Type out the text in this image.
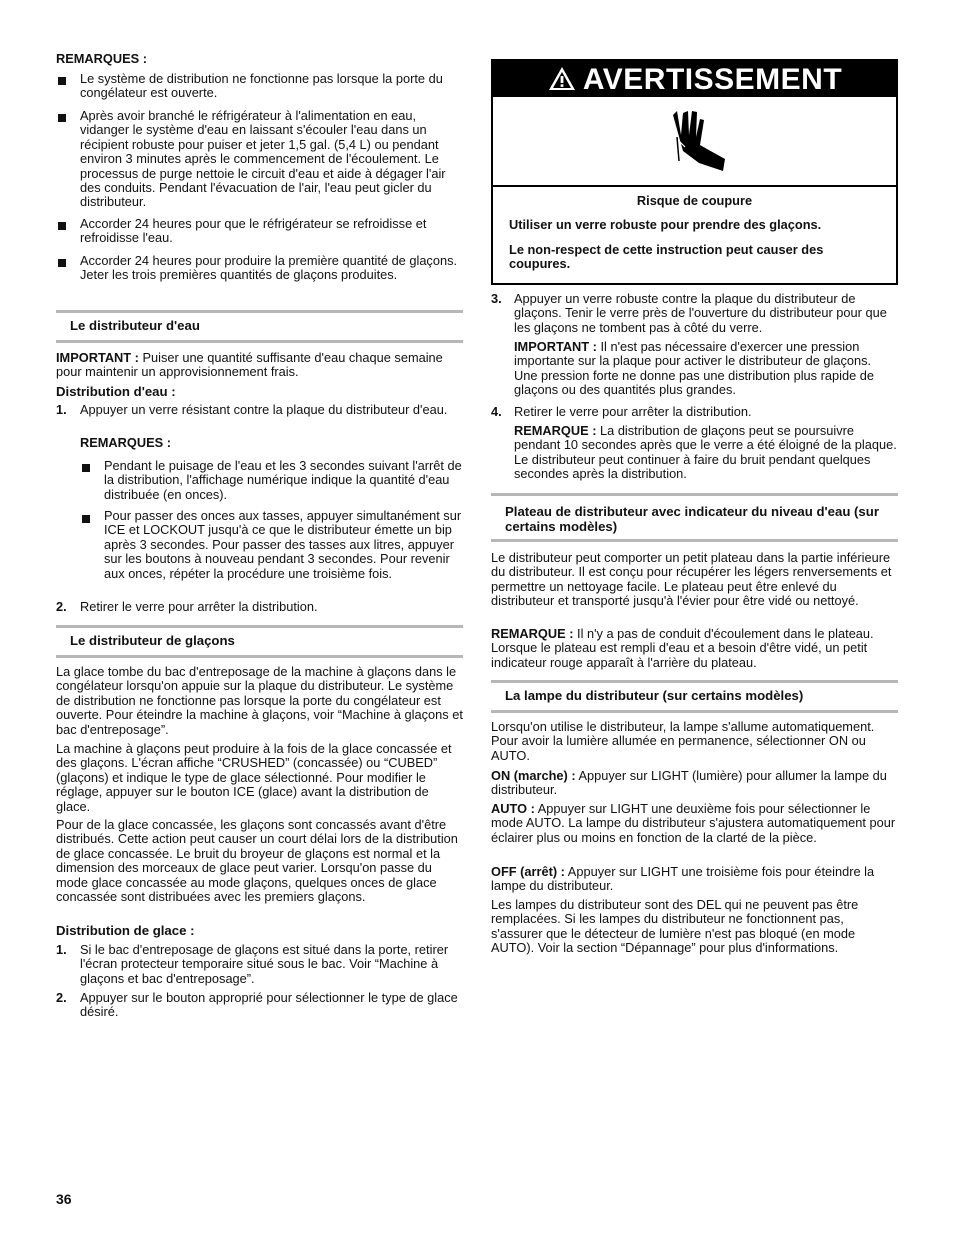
REMARQUES :

Le système de distribution ne fonctionne pas lorsque la porte du congélateur est ouverte.

Après avoir branché le réfrigérateur à l'alimentation en eau, vidanger le système d'eau en laissant s'écouler l'eau dans un récipient robuste pour puiser et jeter 1,5 gal. (5,4 L) ou pendant environ 3 minutes après le commencement de l'écoulement. Le processus de purge nettoie le circuit d'eau et aide à dégager l'air des conduits. Pendant l'évacuation de l'air, l'eau peut gicler du distributeur.

Accorder 24 heures pour que le réfrigérateur se refroidisse et refroidisse l'eau.

Accorder 24 heures pour produire la première quantité de glaçons. Jeter les trois premières quantités de glaçons produites.

Le distributeur d'eau

IMPORTANT : Puiser une quantité suffisante d'eau chaque semaine pour maintenir un approvisionnement frais.

Distribution d'eau :

1. Appuyer un verre résistant contre la plaque du distributeur d'eau.

REMARQUES :

Pendant le puisage de l'eau et les 3 secondes suivant l'arrêt de la distribution, l'affichage numérique indique la quantité d'eau distribuée (en onces).

Pour passer des onces aux tasses, appuyer simultanément sur ICE et LOCKOUT jusqu'à ce que le distributeur émette un bip après 3 secondes. Pour passer des tasses aux litres, appuyer sur les boutons à nouveau pendant 3 secondes. Pour revenir aux onces, répéter la procédure une troisième fois.

2. Retirer le verre pour arrêter la distribution.

Le distributeur de glaçons

La glace tombe du bac d'entreposage de la machine à glaçons dans le congélateur lorsqu'on appuie sur la plaque du distributeur. Le système de distribution ne fonctionne pas lorsque la porte du congélateur est ouverte. Pour éteindre la machine à glaçons, voir “Machine à glaçons et bac d'entreposage”.

La machine à glaçons peut produire à la fois de la glace concassée et des glaçons. L'écran affiche “CRUSHED” (concassée) ou “CUBED” (glaçons) et indique le type de glace sélectionné. Pour modifier le réglage, appuyer sur le bouton ICE (glace) avant la distribution de glace.

Pour de la glace concassée, les glaçons sont concassés avant d'être distribués. Cette action peut causer un court délai lors de la distribution de glace concassée. Le bruit du broyeur de glaçons est normal et la dimension des morceaux de glace peut varier. Lorsqu'on passe du mode glace concassée au mode glaçons, quelques onces de glace concassée sont distribuées avec les premiers glaçons.

Distribution de glace :

1. Si le bac d'entreposage de glaçons est situé dans la porte, retirer l'écran protecteur temporaire situé sous le bac. Voir “Machine à glaçons et bac d'entreposage”.

2. Appuyer sur le bouton approprié pour sélectionner le type de glace désiré.

AVERTISSEMENT

Risque de coupure

Utiliser un verre robuste pour prendre des glaçons.

Le non-respect de cette instruction peut causer des coupures.

3. Appuyer un verre robuste contre la plaque du distributeur de glaçons. Tenir le verre près de l'ouverture du distributeur pour que les glaçons ne tombent pas à côté du verre.

IMPORTANT : Il n'est pas nécessaire d'exercer une pression importante sur la plaque pour activer le distributeur de glaçons. Une pression forte ne donne pas une distribution plus rapide de glaçons ou des quantités plus grandes.

4. Retirer le verre pour arrêter la distribution.

REMARQUE : La distribution de glaçons peut se poursuivre pendant 10 secondes après que le verre a été éloigné de la plaque. Le distributeur peut continuer à faire du bruit pendant quelques secondes après la distribution.

Plateau de distributeur avec indicateur du niveau d'eau (sur certains modèles)

Le distributeur peut comporter un petit plateau dans la partie inférieure du distributeur. Il est conçu pour récupérer les légers renversements et permettre un nettoyage facile. Le plateau peut être enlevé du distributeur et transporté jusqu'à l'évier pour être vidé ou nettoyé.

REMARQUE : Il n'y a pas de conduit d'écoulement dans le plateau. Lorsque le plateau est rempli d'eau et a besoin d'être vidé, un petit indicateur rouge apparaît à l'arrière du plateau.

La lampe du distributeur (sur certains modèles)

Lorsqu'on utilise le distributeur, la lampe s'allume automatiquement. Pour avoir la lumière allumée en permanence, sélectionner ON ou AUTO.

ON (marche) : Appuyer sur LIGHT (lumière) pour allumer la lampe du distributeur.

AUTO : Appuyer sur LIGHT une deuxième fois pour sélectionner le mode AUTO. La lampe du distributeur s'ajustera automatiquement pour éclairer plus ou moins en fonction de la clarté de la pièce.

OFF (arrêt) : Appuyer sur LIGHT une troisième fois pour éteindre la lampe du distributeur.

Les lampes du distributeur sont des DEL qui ne peuvent pas être remplacées. Si les lampes du distributeur ne fonctionnent pas, s'assurer que le détecteur de lumière n'est pas bloqué (en mode AUTO). Voir la section “Dépannage” pour plus d'informations.

36
